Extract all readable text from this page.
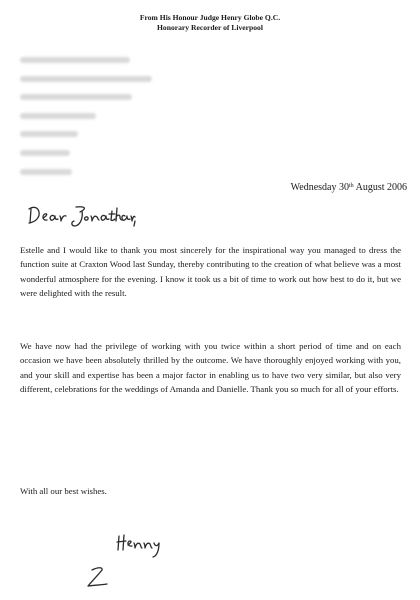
From His Honour Judge Henry Globe Q.C.
Honorary Recorder of Liverpool
Wednesday 30th August 2006
Estelle and I would like to thank you most sincerely for the inspirational way you managed to dress the function suite at Craxton Wood last Sunday, thereby contributing to the creation of what believe was a most wonderful atmosphere for the evening. I know it took us a bit of time to work out how best to do it, but we were delighted with the result.
We have now had the privilege of working with you twice within a short period of time and on each occasion we have been absolutely thrilled by the outcome. We have thoroughly enjoyed working with you, and your skill and expertise has been a major factor in enabling us to have two very similar, but also very different, celebrations for the weddings of Amanda and Danielle. Thank you so much for all of your efforts.
With all our best wishes.
